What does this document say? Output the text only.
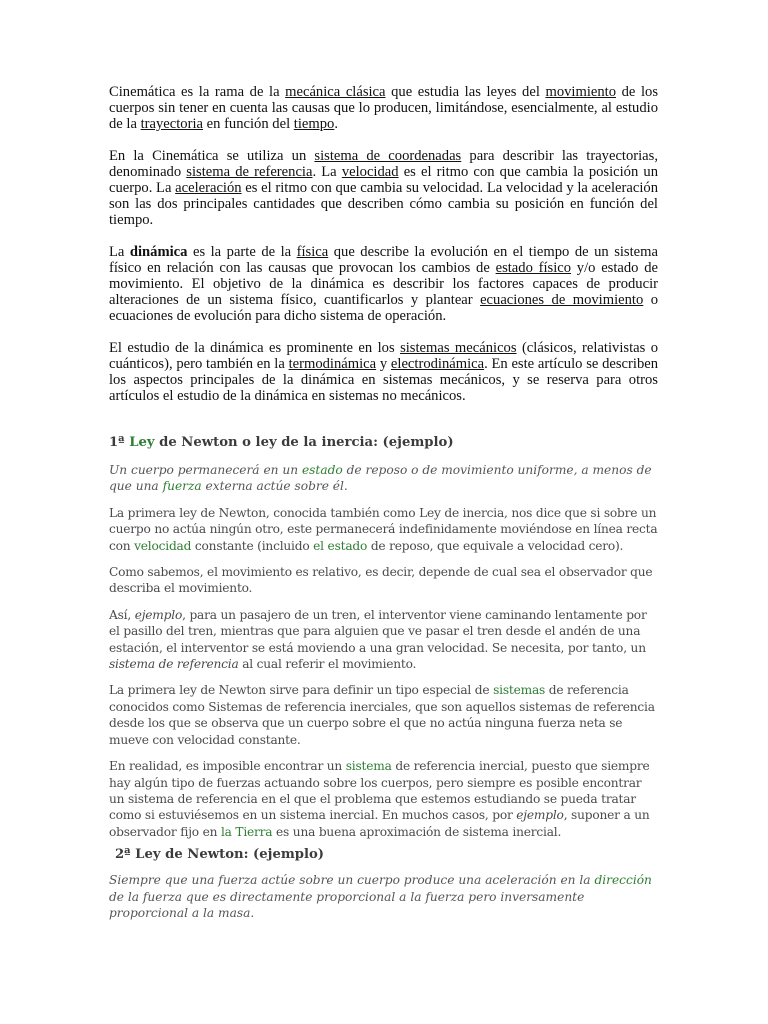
Cinemática es la rama de la mecánica clásica que estudia las leyes del movimiento de los cuerpos sin tener en cuenta las causas que lo producen, limitándose, esencialmente, al estudio de la trayectoria en función del tiempo.

En la Cinemática se utiliza un sistema de coordenadas para describir las trayectorias, denominado sistema de referencia. La velocidad es el ritmo con que cambia la posición un cuerpo. La aceleración es el ritmo con que cambia su velocidad. La velocidad y la aceleración son las dos principales cantidades que describen cómo cambia su posición en función del tiempo.

La dinámica es la parte de la física que describe la evolución en el tiempo de un sistema físico en relación con las causas que provocan los cambios de estado físico y/o estado de movimiento. El objetivo de la dinámica es describir los factores capaces de producir alteraciones de un sistema físico, cuantificarlos y plantear ecuaciones de movimiento o ecuaciones de evolución para dicho sistema de operación.

El estudio de la dinámica es prominente en los sistemas mecánicos (clásicos, relativistas o cuánticos), pero también en la termodinámica y electrodinámica. En este artículo se describen los aspectos principales de la dinámica en sistemas mecánicos, y se reserva para otros artículos el estudio de la dinámica en sistemas no mecánicos.

1ª Ley de Newton o ley de la inercia: (ejemplo)

Un cuerpo permanecerá en un estado de reposo o de movimiento uniforme, a menos de que una fuerza externa actúe sobre él.

La primera ley de Newton, conocida también como Ley de inercia, nos dice que si sobre un cuerpo no actúa ningún otro, este permanecerá indefinidamente moviéndose en línea recta con velocidad constante (incluido el estado de reposo, que equivale a velocidad cero).

Como sabemos, el movimiento es relativo, es decir, depende de cual sea el observador que describa el movimiento.

Así, ejemplo, para un pasajero de un tren, el interventor viene caminando lentamente por el pasillo del tren, mientras que para alguien que ve pasar el tren desde el andén de una estación, el interventor se está moviendo a una gran velocidad. Se necesita, por tanto, un sistema de referencia al cual referir el movimiento.

La primera ley de Newton sirve para definir un tipo especial de sistemas de referencia conocidos como Sistemas de referencia inerciales, que son aquellos sistemas de referencia desde los que se observa que un cuerpo sobre el que no actúa ninguna fuerza neta se mueve con velocidad constante.

En realidad, es imposible encontrar un sistema de referencia inercial, puesto que siempre hay algún tipo de fuerzas actuando sobre los cuerpos, pero siempre es posible encontrar un sistema de referencia en el que el problema que estemos estudiando se pueda tratar como si estuviésemos en un sistema inercial. En muchos casos, por ejemplo, suponer a un observador fijo en la Tierra es una buena aproximación de sistema inercial.

2ª Ley de Newton: (ejemplo)

Siempre que una fuerza actúe sobre un cuerpo produce una aceleración en la dirección de la fuerza que es directamente proporcional a la fuerza pero inversamente proporcional a la masa.
